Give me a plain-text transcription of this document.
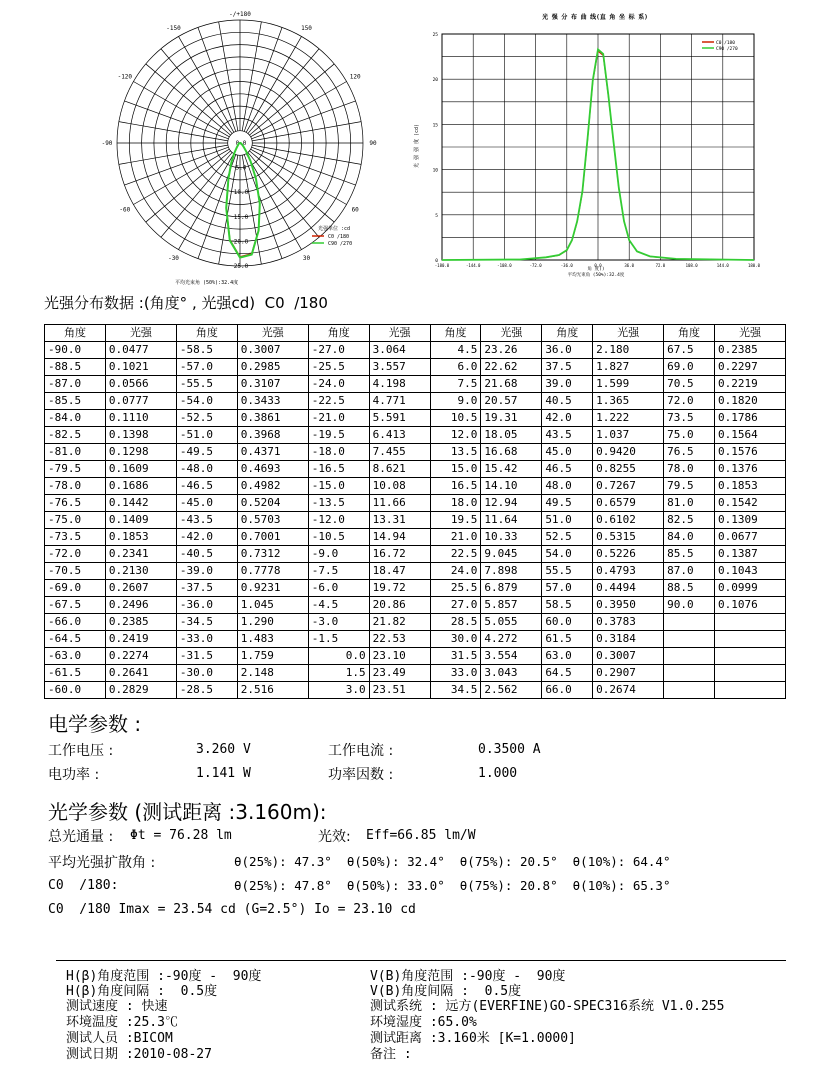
0.0
5.0
10.0
15.0
20.0
25.0
-/+180
150
-150
120
-120
90
-90
60
-60
30
-30
光强单位 :cd
C0 /180
C90 /270
平均光束角 (50%):32.4度
光 强 分 布 曲 线(直 角 坐 标 系)
光 强 强 度 (cd)
0
5
10
15
20
25
-180.0	-144.0	-108.0	-72.0	-36.0	0.0	36.0	72.0	108.0	144.0	180.0
C0 /180
C90 /270
角 度()
平均光束角 (50%):32.4度
光强分布数据 :(角度° , 光强cd)  C0  /180
角度	光强	角度	光强	角度	光强	角度	光强	角度	光强	角度	光强
-90.0	0.0477	-58.5	0.3007	-27.0	3.064	4.5	23.26	36.0	2.180	67.5	0.2385
-88.5	0.1021	-57.0	0.2985	-25.5	3.557	6.0	22.62	37.5	1.827	69.0	0.2297
-87.0	0.0566	-55.5	0.3107	-24.0	4.198	7.5	21.68	39.0	1.599	70.5	0.2219
-85.5	0.0777	-54.0	0.3433	-22.5	4.771	9.0	20.57	40.5	1.365	72.0	0.1820
-84.0	0.1110	-52.5	0.3861	-21.0	5.591	10.5	19.31	42.0	1.222	73.5	0.1786
-82.5	0.1398	-51.0	0.3968	-19.5	6.413	12.0	18.05	43.5	1.037	75.0	0.1564
-81.0	0.1298	-49.5	0.4371	-18.0	7.455	13.5	16.68	45.0	0.9420	76.5	0.1576
-79.5	0.1609	-48.0	0.4693	-16.5	8.621	15.0	15.42	46.5	0.8255	78.0	0.1376
-78.0	0.1686	-46.5	0.4982	-15.0	10.08	16.5	14.10	48.0	0.7267	79.5	0.1853
-76.5	0.1442	-45.0	0.5204	-13.5	11.66	18.0	12.94	49.5	0.6579	81.0	0.1542
-75.0	0.1409	-43.5	0.5703	-12.0	13.31	19.5	11.64	51.0	0.6102	82.5	0.1309
-73.5	0.1853	-42.0	0.7001	-10.5	14.94	21.0	10.33	52.5	0.5315	84.0	0.0677
-72.0	0.2341	-40.5	0.7312	-9.0	16.72	22.5	9.045	54.0	0.5226	85.5	0.1387
-70.5	0.2130	-39.0	0.7778	-7.5	18.47	24.0	7.898	55.5	0.4793	87.0	0.1043
-69.0	0.2607	-37.5	0.9231	-6.0	19.72	25.5	6.879	57.0	0.4494	88.5	0.0999
-67.5	0.2496	-36.0	1.045	-4.5	20.86	27.0	5.857	58.5	0.3950	90.0	0.1076
-66.0	0.2385	-34.5	1.290	-3.0	21.82	28.5	5.055	60.0	0.3783		
-64.5	0.2419	-33.0	1.483	-1.5	22.53	30.0	4.272	61.5	0.3184		
-63.0	0.2274	-31.5	1.759	0.0	23.10	31.5	3.554	63.0	0.3007		
-61.5	0.2641	-30.0	2.148	1.5	23.49	33.0	3.043	64.5	0.2907		
-60.0	0.2829	-28.5	2.516	3.0	23.51	34.5	2.562	66.0	0.2674		
电学参数 :
工作电压 :	3.260 V	工作电流 :	0.3500 A
电功率 :	1.141 W	功率因数 :	1.000
光学参数 (测试距离 :3.160m):
总光通量 : Φt = 76.28 lm	光效: Eff=66.85 lm/W
平均光强扩散角 :	θ(25%): 47.3°  θ(50%): 32.4°  θ(75%): 20.5°  θ(10%): 64.4°
C0  /180:	θ(25%): 47.8°  θ(50%): 33.0°  θ(75%): 20.8°  θ(10%): 65.3°
C0  /180 Imax = 23.54 cd (G=2.5°) Io = 23.10 cd
H(β)角度范围 :-90度 -  90度
H(β)角度间隔 :  0.5度
测试速度 : 快速
环境温度 :25.3℃
测试人员 :BICOM
测试日期 :2010-08-27
V(B)角度范围 :-90度 -  90度
V(B)角度间隔 :  0.5度
测试系统 : 远方(EVERFINE)GO-SPEC316系统 V1.0.255
环境湿度 :65.0%
测试距离 :3.160米 [K=1.0000]
备注 :
